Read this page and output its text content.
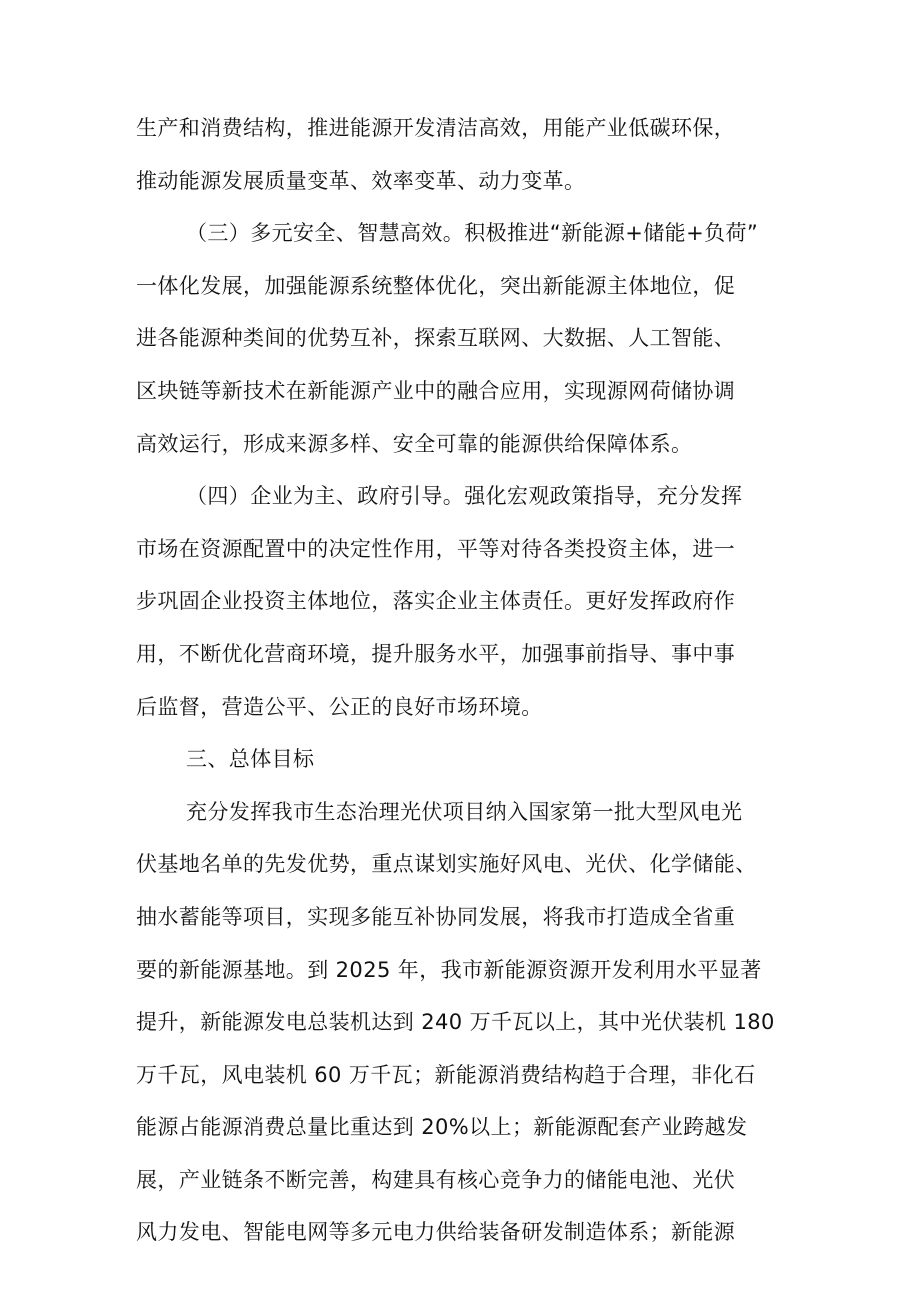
生产和消费结构，推进能源开发清洁高效，用能产业低碳环保，
推动能源发展质量变革、效率变革、动力变革。
（三）多元安全、智慧高效。积极推进“新能源+储能+负荷”
一体化发展，加强能源系统整体优化，突出新能源主体地位，促
进各能源种类间的优势互补，探索互联网、大数据、人工智能、
区块链等新技术在新能源产业中的融合应用，实现源网荷储协调
高效运行，形成来源多样、安全可靠的能源供给保障体系。
（四）企业为主、政府引导。强化宏观政策指导，充分发挥
市场在资源配置中的决定性作用，平等对待各类投资主体，进一
步巩固企业投资主体地位，落实企业主体责任。更好发挥政府作
用，不断优化营商环境，提升服务水平，加强事前指导、事中事
后监督，营造公平、公正的良好市场环境。
三、总体目标
充分发挥我市生态治理光伏项目纳入国家第一批大型风电光
伏基地名单的先发优势，重点谋划实施好风电、光伏、化学储能、
抽水蓄能等项目，实现多能互补协同发展，将我市打造成全省重
要的新能源基地。到 2025 年，我市新能源资源开发利用水平显著
提升，新能源发电总装机达到 240 万千瓦以上，其中光伏装机 180
万千瓦，风电装机 60 万千瓦；新能源消费结构趋于合理，非化石
能源占能源消费总量比重达到 20%以上；新能源配套产业跨越发
展，产业链条不断完善，构建具有核心竞争力的储能电池、光伏
风力发电、智能电网等多元电力供给装备研发制造体系；新能源
